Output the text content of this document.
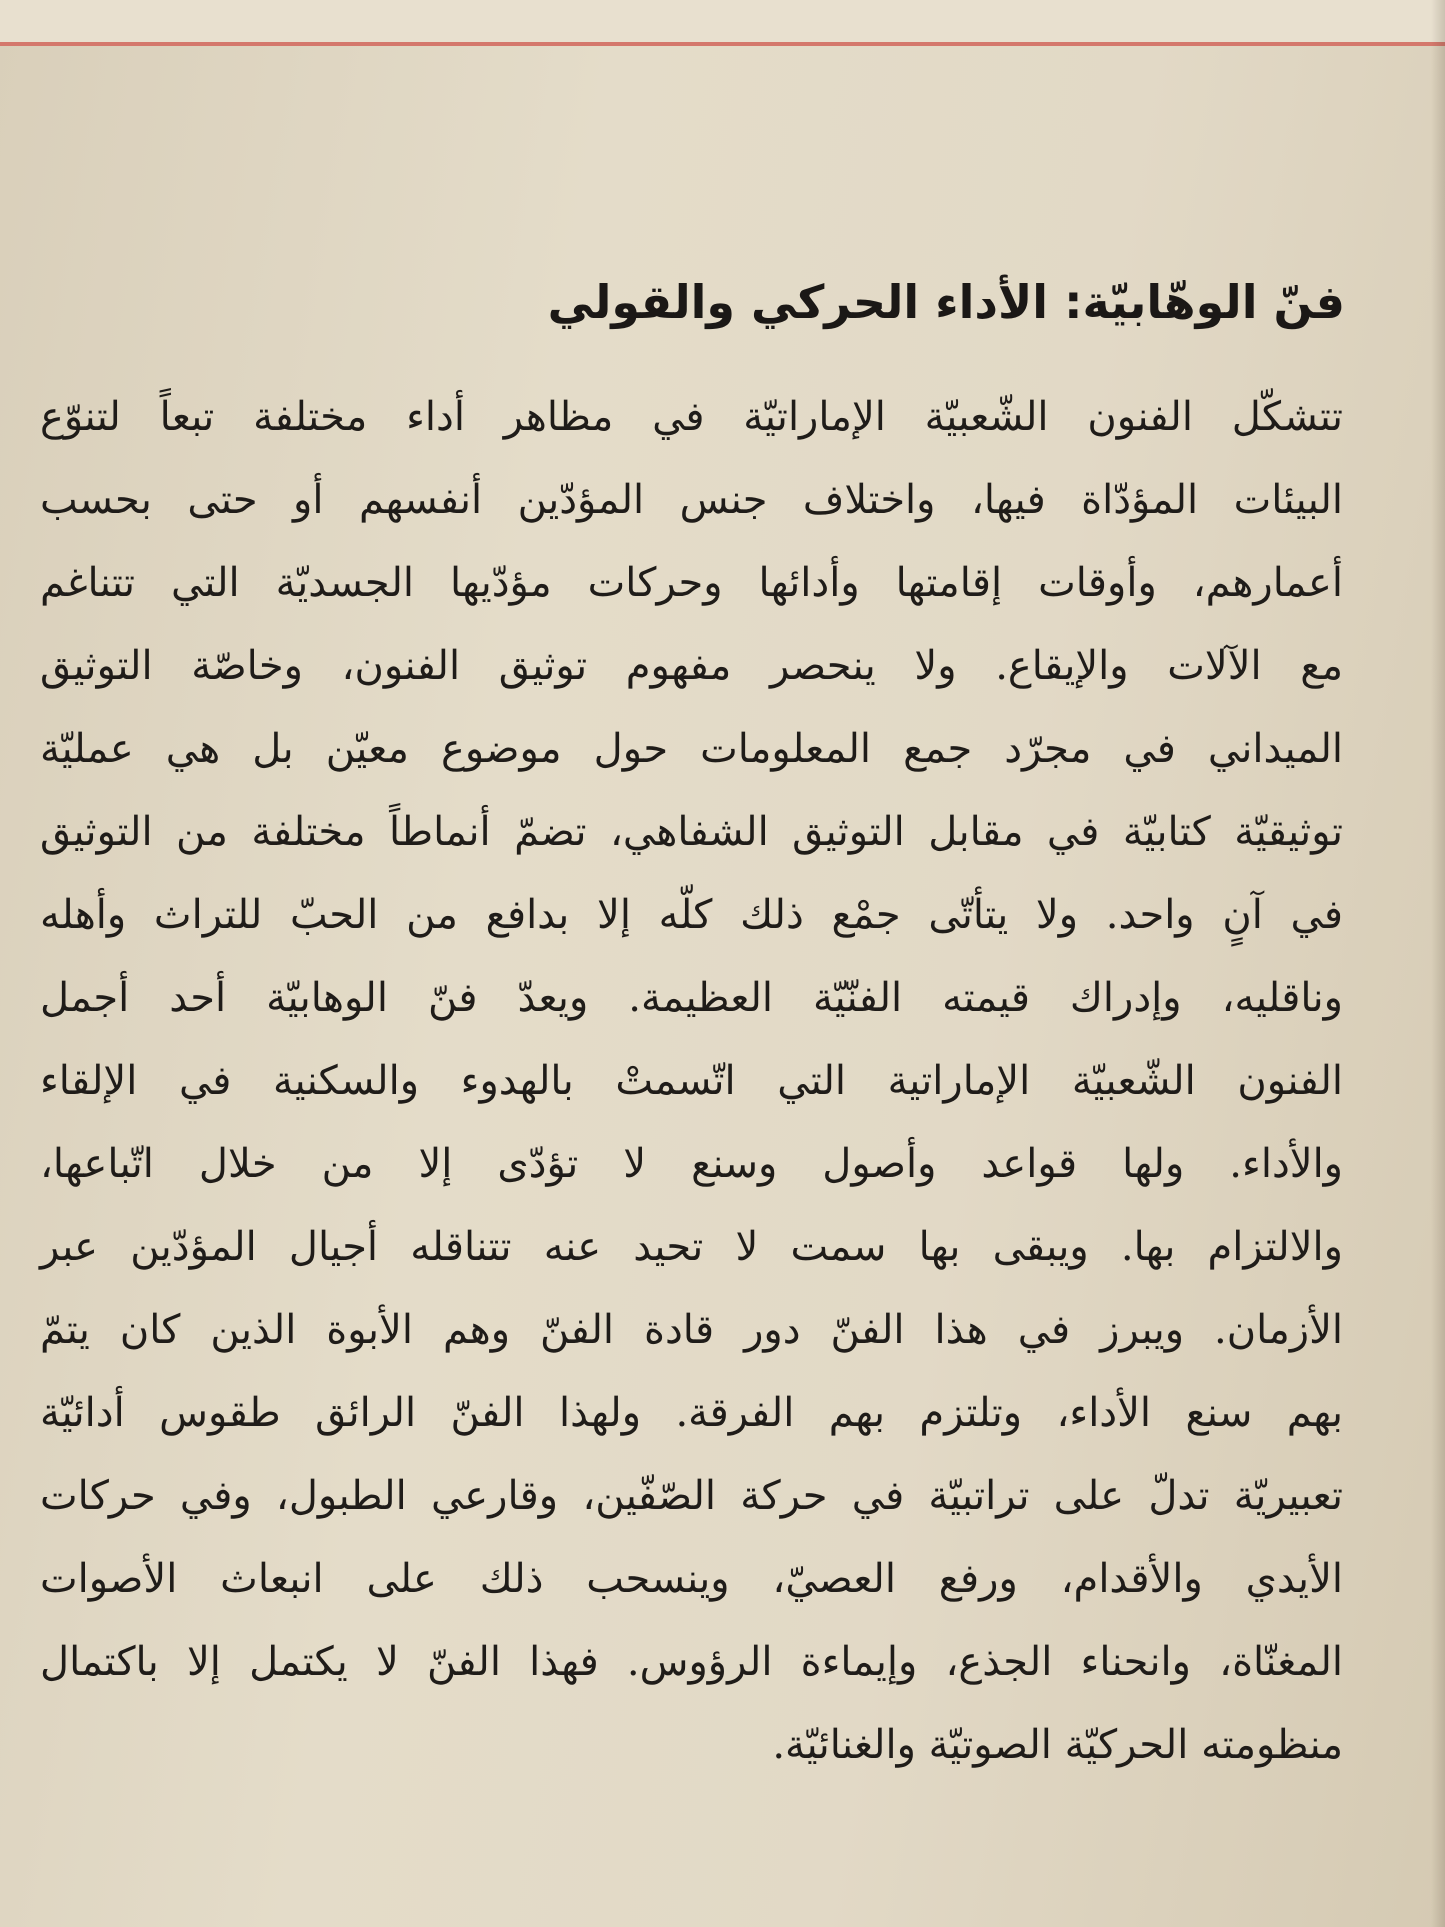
فنّ الوهّابيّة: الأداء الحركي والقولي
تتشكّل الفنون الشّعبيّة الإماراتيّة في مظاهر أداء مختلفة تبعاً لتنوّع
البيئات المؤدّاة فيها، واختلاف جنس المؤدّين أنفسهم أو حتى بحسب
أعمارهم، وأوقات إقامتها وأدائها وحركات مؤدّيها الجسديّة التي تتناغم
مع الآلات والإيقاع. ولا ينحصر مفهوم توثيق الفنون، وخاصّة التوثيق
الميداني في مجرّد جمع المعلومات حول موضوع معيّن بل هي عمليّة
توثيقيّة كتابيّة في مقابل التوثيق الشفاهي، تضمّ أنماطاً مختلفة من التوثيق
في آنٍ واحد. ولا يتأتّى جمْع ذلك كلّه إلا بدافع من الحبّ للتراث وأهله
وناقليه، وإدراك قيمته الفنّيّة العظيمة. ويعدّ فنّ الوهابيّة أحد أجمل
الفنون الشّعبيّة الإماراتية التي اتّسمتْ بالهدوء والسكنية في الإلقاء
والأداء. ولها قواعد وأصول وسنع لا تؤدّى إلا من خلال اتّباعها،
والالتزام بها. ويبقى بها سمت لا تحيد عنه تتناقله أجيال المؤدّين عبر
الأزمان. ويبرز في هذا الفنّ دور قادة الفنّ وهم الأبوة الذين كان يتمّ
بهم سنع الأداء، وتلتزم بهم الفرقة. ولهذا الفنّ الرائق طقوس أدائيّة
تعبيريّة تدلّ على تراتبيّة في حركة الصّفّين، وقارعي الطبول، وفي حركات
الأيدي والأقدام، ورفع العصيّ، وينسحب ذلك على انبعاث الأصوات
المغنّاة، وانحناء الجذع، وإيماءة الرؤوس. فهذا الفنّ لا يكتمل إلا باكتمال
منظومته الحركيّة الصوتيّة والغنائيّة.
